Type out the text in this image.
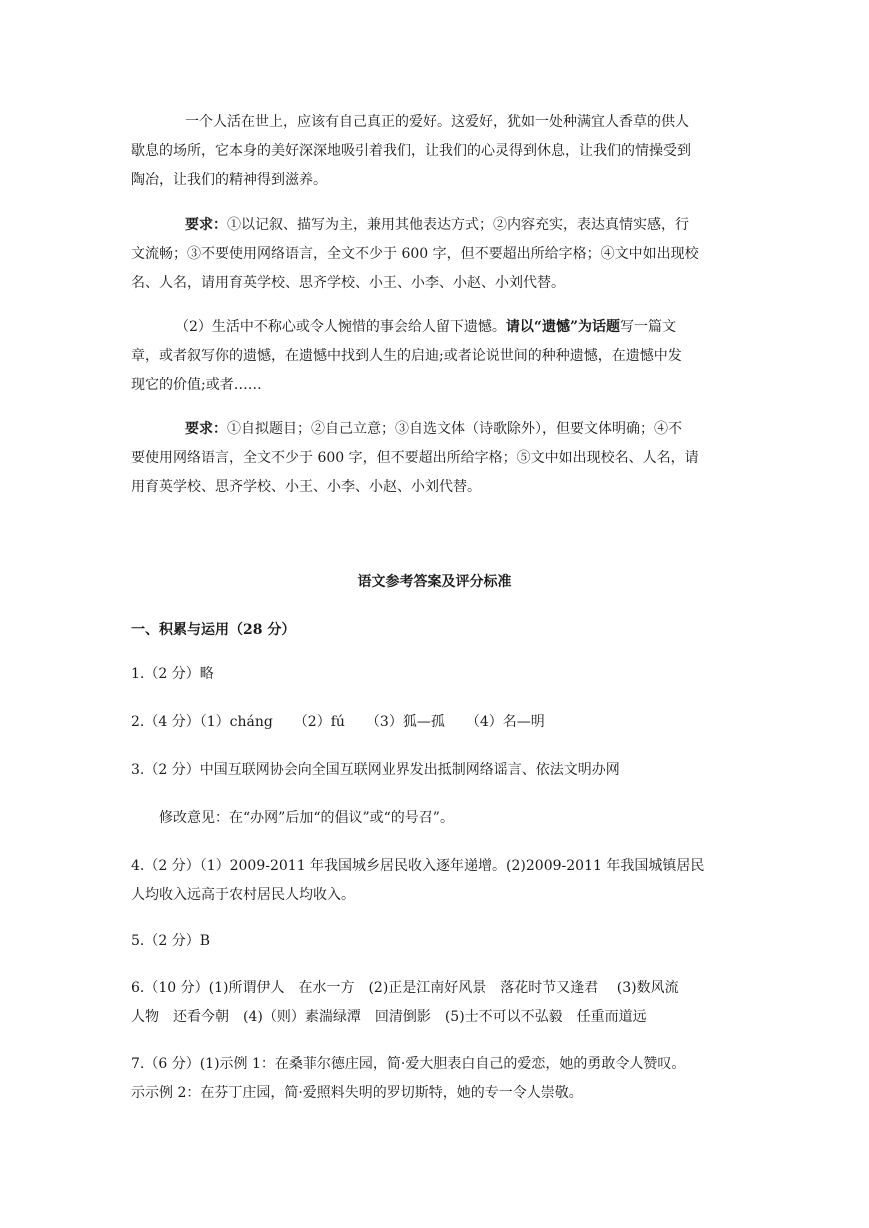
一个人活在世上，应该有自己真正的爱好。这爱好，犹如一处种满宜人香草的供人
歇息的场所，它本身的美好深深地吸引着我们，让我们的心灵得到休息，让我们的情操受到
陶冶，让我们的精神得到滋养。
要求：①以记叙、描写为主，兼用其他表达方式；②内容充实，表达真情实感，行
文流畅；③不要使用网络语言，全文不少于 600 字，但不要超出所给字格；④文中如出现校
名、人名，请用育英学校、思齐学校、小王、小李、小赵、小刘代替。
（2）生活中不称心或令人惋惜的事会给人留下遗憾。请以“遗憾”为话题写一篇文
章，或者叙写你的遗憾，在遗憾中找到人生的启迪;或者论说世间的种种遗憾，在遗憾中发
现它的价值;或者……
要求：①自拟题目；②自己立意；③自选文体（诗歌除外），但要文体明确；④不
要使用网络语言，全文不少于 600 字，但不要超出所给字格；⑤文中如出现校名、人名，请
用育英学校、思齐学校、小王、小李、小赵、小刘代替。
语文参考答案及评分标准
一、积累与运用（28 分）
1.（2 分）略
2.（4 分）（1）cháng　　（2）fú　　（3）狐—孤　　（4）名—明
3.（2 分）中国互联网协会向全国互联网业界发出抵制网络谣言、依法文明办网
　　修改意见：在“办网”后加“的倡议”或“的号召”。
4.（2 分）（1）2009-2011 年我国城乡居民收入逐年递增。(2)2009-2011 年我国城镇居民
人均收入远高于农村居民人均收入。
5.（2 分）B
6.（10 分）(1)所谓伊人　在水一方　(2)正是江南好风景　落花时节又逢君　 (3)数风流
人物　还看今朝　(4)（则）素湍绿潭　回清倒影　(5)士不可以不弘毅　任重而道远
7.（6 分）(1)示例 1：在桑菲尔德庄园，简·爱大胆表白自己的爱恋，她的勇敢令人赞叹。
示示例 2：在芬丁庄园，简·爱照料失明的罗切斯特，她的专一令人崇敬。
